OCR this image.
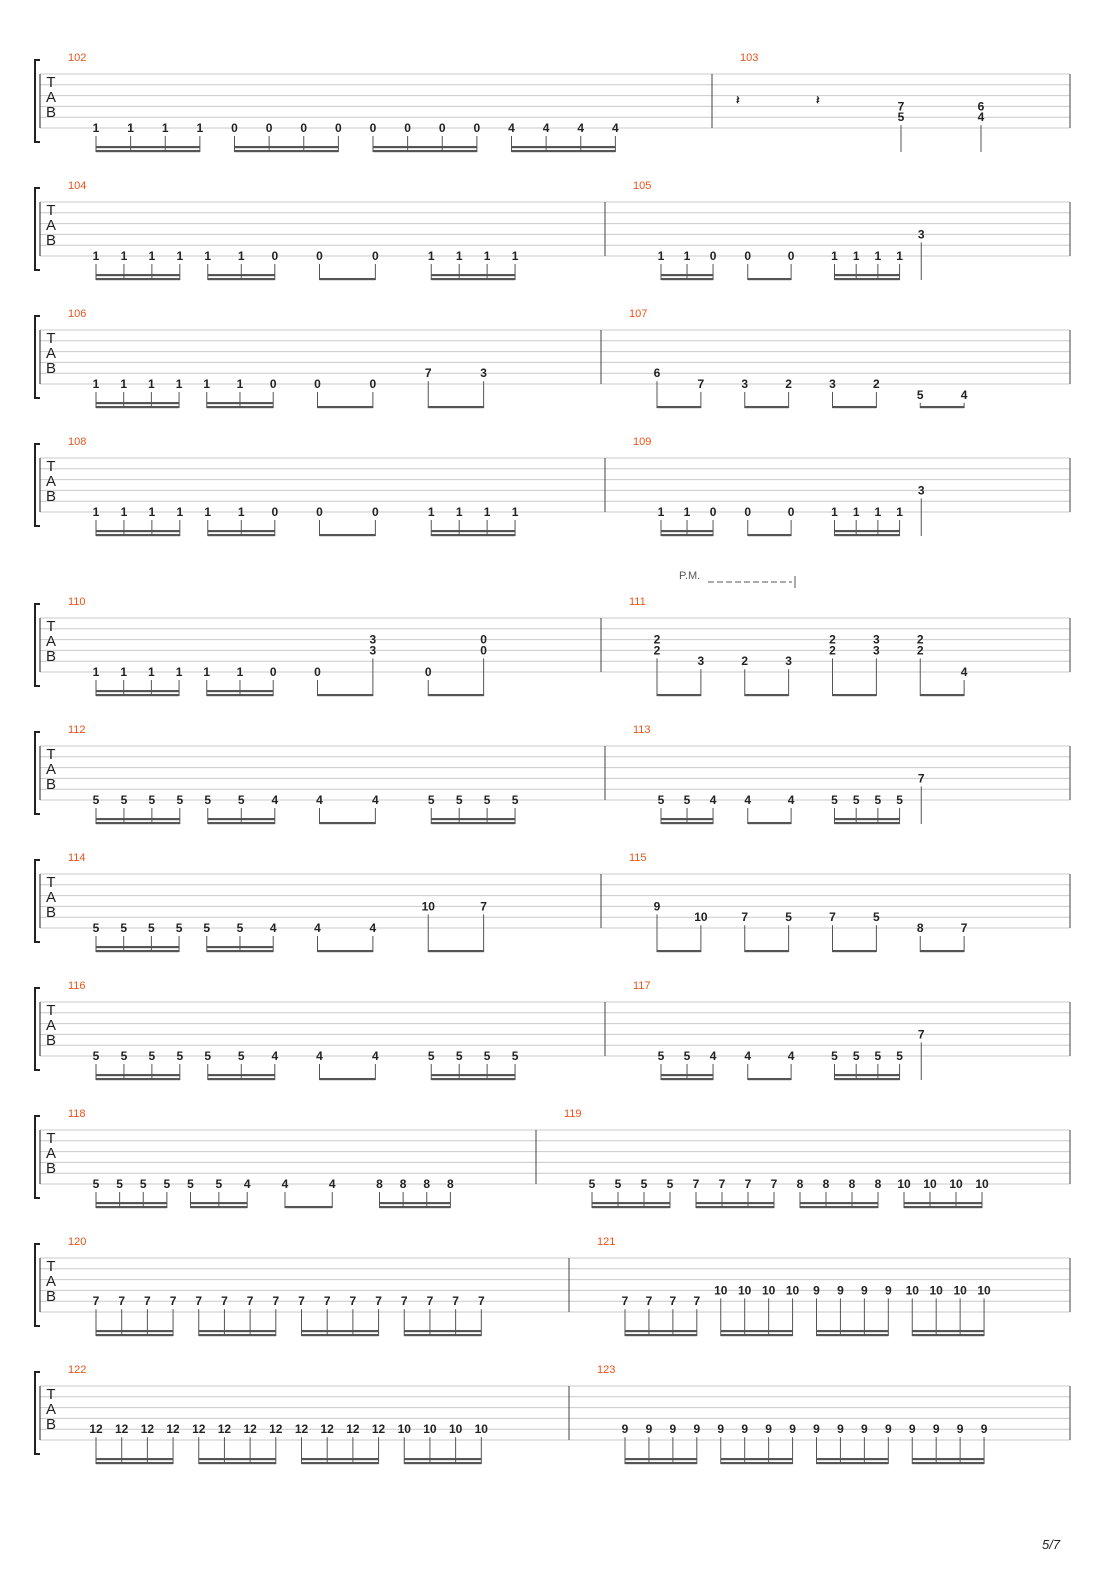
T
A
B
102
1 1 1 1 0 0 0 0 0 0 0 0 4 4 4 4
103
𝄽	𝄽	7
5
6
4
T
A
B
104
1 1 1 1 1 1 0	0	0	1 1 1 1
105
1 1 0 0	0	1 1 1 1
3
T
A
B
106
1 1 1 1 1 1 0	0	0
7	3
107
6
7	3	2	3	2
5	4
T
A
B
108
1 1 1 1 1 1 0	0	0	1 1 1 1
109
1 1 0 0	0	1 1 1 1
3
T
A
B
110
1 1 1 1 1 1 0	0
3
3
0
0
0
111
2
2
3	2	3
2
2
3
3
2
2
4
T
A
B
112
5 5 5 5 5 5 4	4	4	5 5 5 5
113
5 5 4 4	4	5 5 5 5
7
T
A
B
114
5 5 5 5 5 5 4	4	4
10	7
115
9
10	7	5	7	5
8	7
T
A
B
116
5 5 5 5 5 5 4	4	4	5 5 5 5
117
5 5 4 4	4	5 5 5 5
7
T
A
B
118
5 5 5 5 5 5 4	4	4	8 8 8 8
119
5 5 5 5 7 7 7 7 8 8 8 8 10 10 10 10
T
A
B
120
7 7 7 7 7 7 7 7 7 7 7 7 7 7 7 7
121
7 7 7 7
10 10 10 10 9 9 9 9 10 10 10 10
T
A
B
122
12 12 12 12 12 12 12 12 12 12 12 12 10 10 10 10
123
9 9 9 9 9 9 9 9 9 9 9 9 9 9 9 9
P.M.
5/7
